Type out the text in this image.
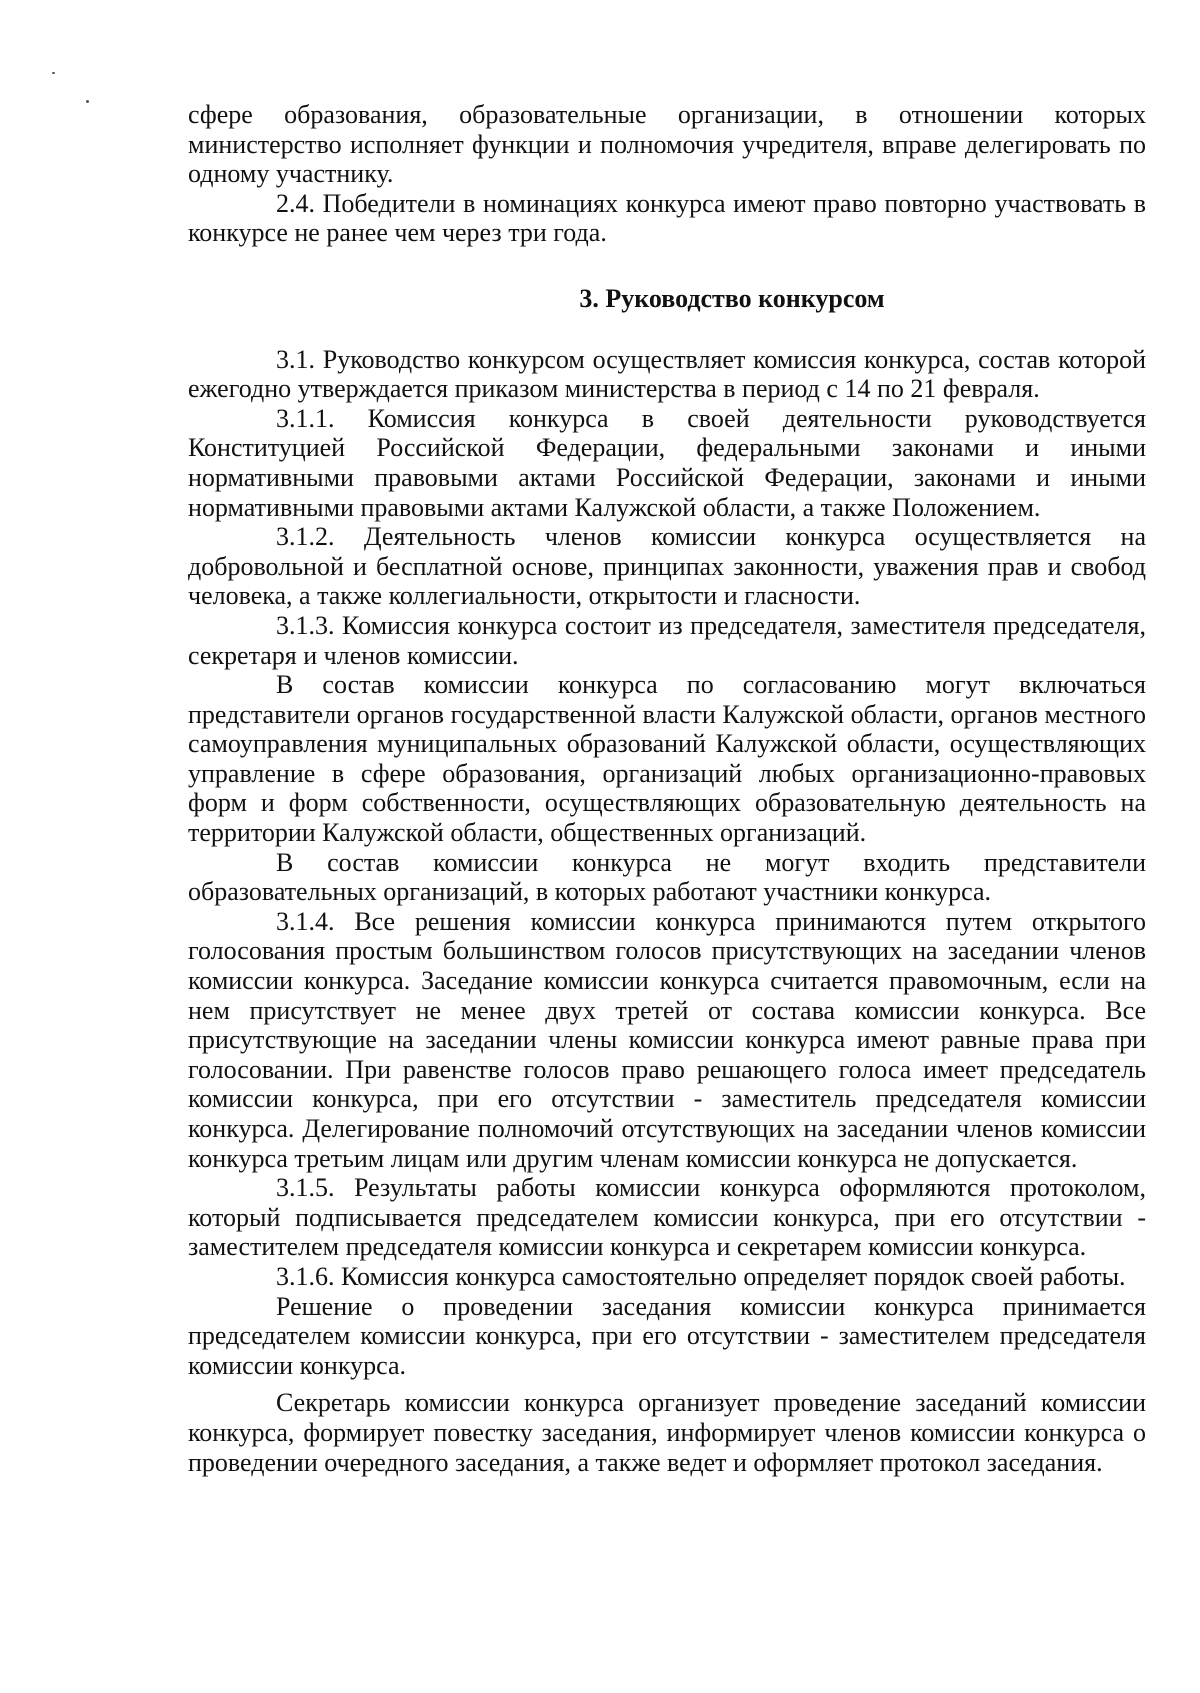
сфере образования, образовательные организации, в отношении которых министерство исполняет функции и полномочия учредителя, вправе делегировать по одному участнику.

2.4. Победители в номинациях конкурса имеют право повторно участвовать в конкурсе не ранее чем через три года.

3. Руководство конкурсом

3.1. Руководство конкурсом осуществляет комиссия конкурса, состав которой ежегодно утверждается приказом министерства в период с 14 по 21 февраля.

3.1.1. Комиссия конкурса в своей деятельности руководствуется Конституцией Российской Федерации, федеральными законами и иными нормативными правовыми актами Российской Федерации, законами и иными нормативными правовыми актами Калужской области, а также Положением.

3.1.2. Деятельность членов комиссии конкурса осуществляется на добровольной и бесплатной основе, принципах законности, уважения прав и свобод человека, а также коллегиальности, открытости и гласности.

3.1.3. Комиссия конкурса состоит из председателя, заместителя председателя, секретаря и членов комиссии.

В состав комиссии конкурса по согласованию могут включаться представители органов государственной власти Калужской области, органов местного самоуправления муниципальных образований Калужской области, осуществляющих управление в сфере образования, организаций любых организационно-правовых форм и форм собственности, осуществляющих образовательную деятельность на территории Калужской области, общественных организаций.

В состав комиссии конкурса не могут входить представители образовательных организаций, в которых работают участники конкурса.

3.1.4. Все решения комиссии конкурса принимаются путем открытого голосования простым большинством голосов присутствующих на заседании членов комиссии конкурса. Заседание комиссии конкурса считается правомочным, если на нем присутствует не менее двух третей от состава комиссии конкурса. Все присутствующие на заседании члены комиссии конкурса имеют равные права при голосовании. При равенстве голосов право решающего голоса имеет председатель комиссии конкурса, при его отсутствии - заместитель председателя комиссии конкурса. Делегирование полномочий отсутствующих на заседании членов комиссии конкурса третьим лицам или другим членам комиссии конкурса не допускается.

3.1.5. Результаты работы комиссии конкурса оформляются протоколом, который подписывается председателем комиссии конкурса, при его отсутствии - заместителем председателя комиссии конкурса и секретарем комиссии конкурса.

3.1.6. Комиссия конкурса самостоятельно определяет порядок своей работы.

Решение о проведении заседания комиссии конкурса принимается председателем комиссии конкурса, при его отсутствии - заместителем председателя комиссии конкурса.

Секретарь комиссии конкурса организует проведение заседаний комиссии конкурса, формирует повестку заседания, информирует членов комиссии конкурса о проведении очередного заседания, а также ведет и оформляет протокол заседания.
